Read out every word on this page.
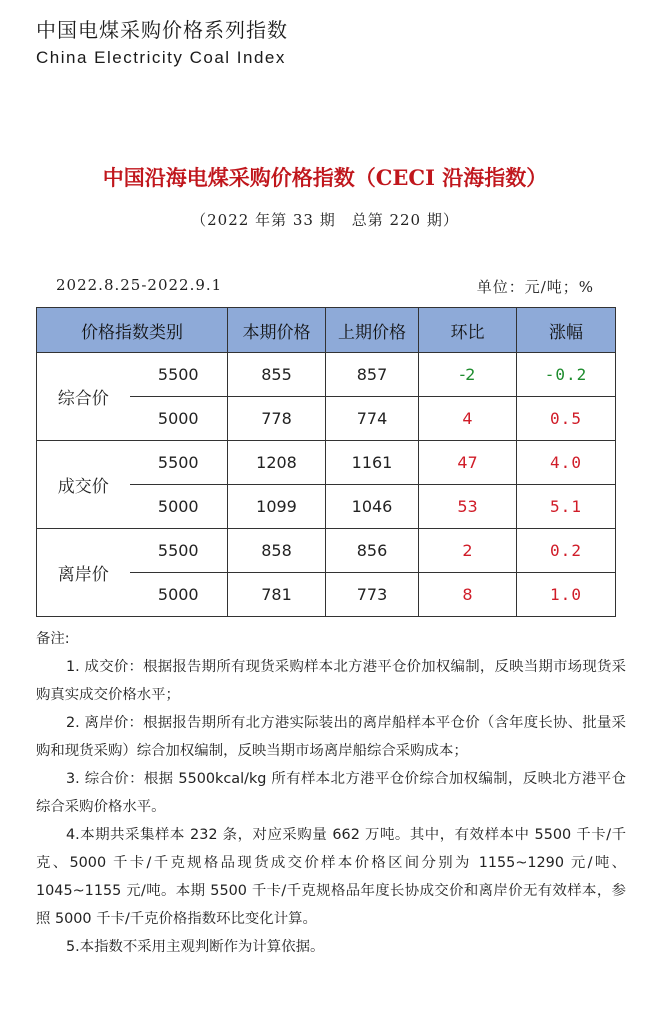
中国电煤采购价格系列指数
China Electricity Coal Index
中国沿海电煤采购价格指数（CECI 沿海指数）
（2022 年第 33 期　总第 220 期）
2022.8.25-2022.9.1	单位：元/吨；%
价格指数类别		本期价格	上期价格	环比	涨幅
综合价	5500	855	857	-2	-0.2
	5000	778	774	4	0.5
成交价	5500	1208	1161	47	4.0
	5000	1099	1046	53	5.1
离岸价	5500	858	856	2	0.2
	5000	781	773	8	1.0
备注:

1. 成交价：根据报告期所有现货采购样本北方港平仓价加权编制，反映当期市场现货采购真实成交价格水平；

2. 离岸价：根据报告期所有北方港实际装出的离岸船样本平仓价（含年度长协、批量采购和现货采购）综合加权编制，反映当期市场离岸船综合采购成本；

3. 综合价：根据 5500kcal/kg 所有样本北方港平仓价综合加权编制，反映北方港平仓综合采购价格水平。

4.本期共采集样本 232 条，对应采购量 662 万吨。其中，有效样本中 5500 千卡/千克、5000 千卡/千克规格品现货成交价样本价格区间分别为 1155~1290 元/吨、1045~1155 元/吨。本期 5500 千卡/千克规格品年度长协成交价和离岸价无有效样本，参照 5000 千卡/千克价格指数环比变化计算。

5.本指数不采用主观判断作为计算依据。
